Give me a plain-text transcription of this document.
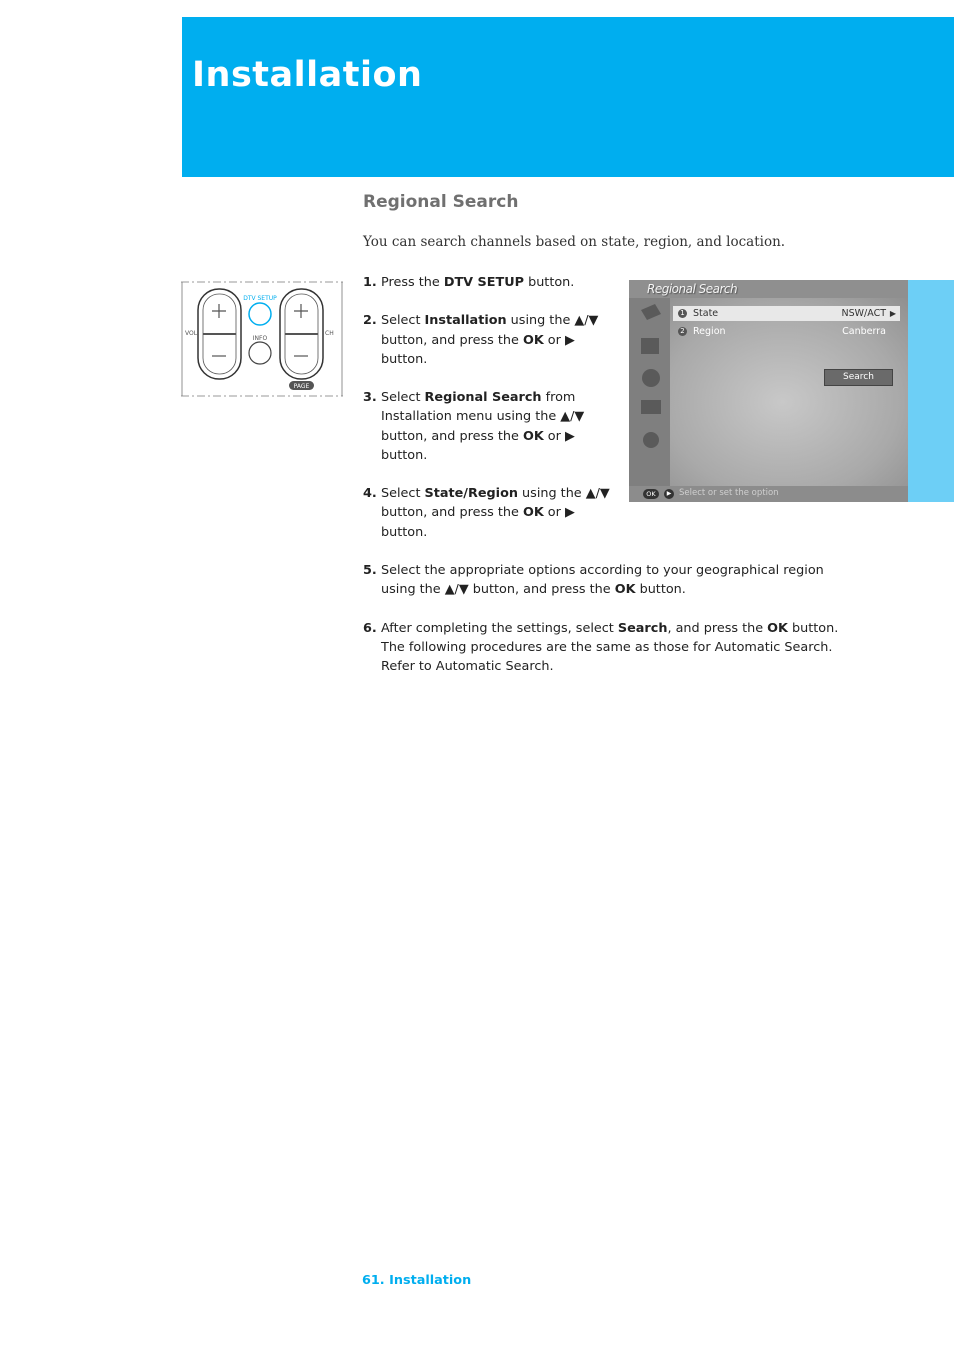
Installation
Regional Search

You can search channels based on state, region, and location.

DTV SETUP
INFO
VOL	CH
PAGE
1. Press the DTV SETUP button.
2. Select Installation using the ▲/▼ button, and press the OK or ▶ button.
3. Select Regional Search from Installation menu using the ▲/▼ button, and press the OK or ▶ button.
4. Select State/Region using the ▲/▼ button, and press the OK or ▶ button.
5. Select the appropriate options according to your geographical region using the ▲/▼ button, and press the OK button.
6. After completing the settings, select Search, and press the OK button. The following procedures are the same as those for Automatic Search. Refer to Automatic Search.
Regional Search
1 State	NSW/ACT ▶
2 Region	Canberra
Search
OK	▶ Select or set the option

61. Installation
